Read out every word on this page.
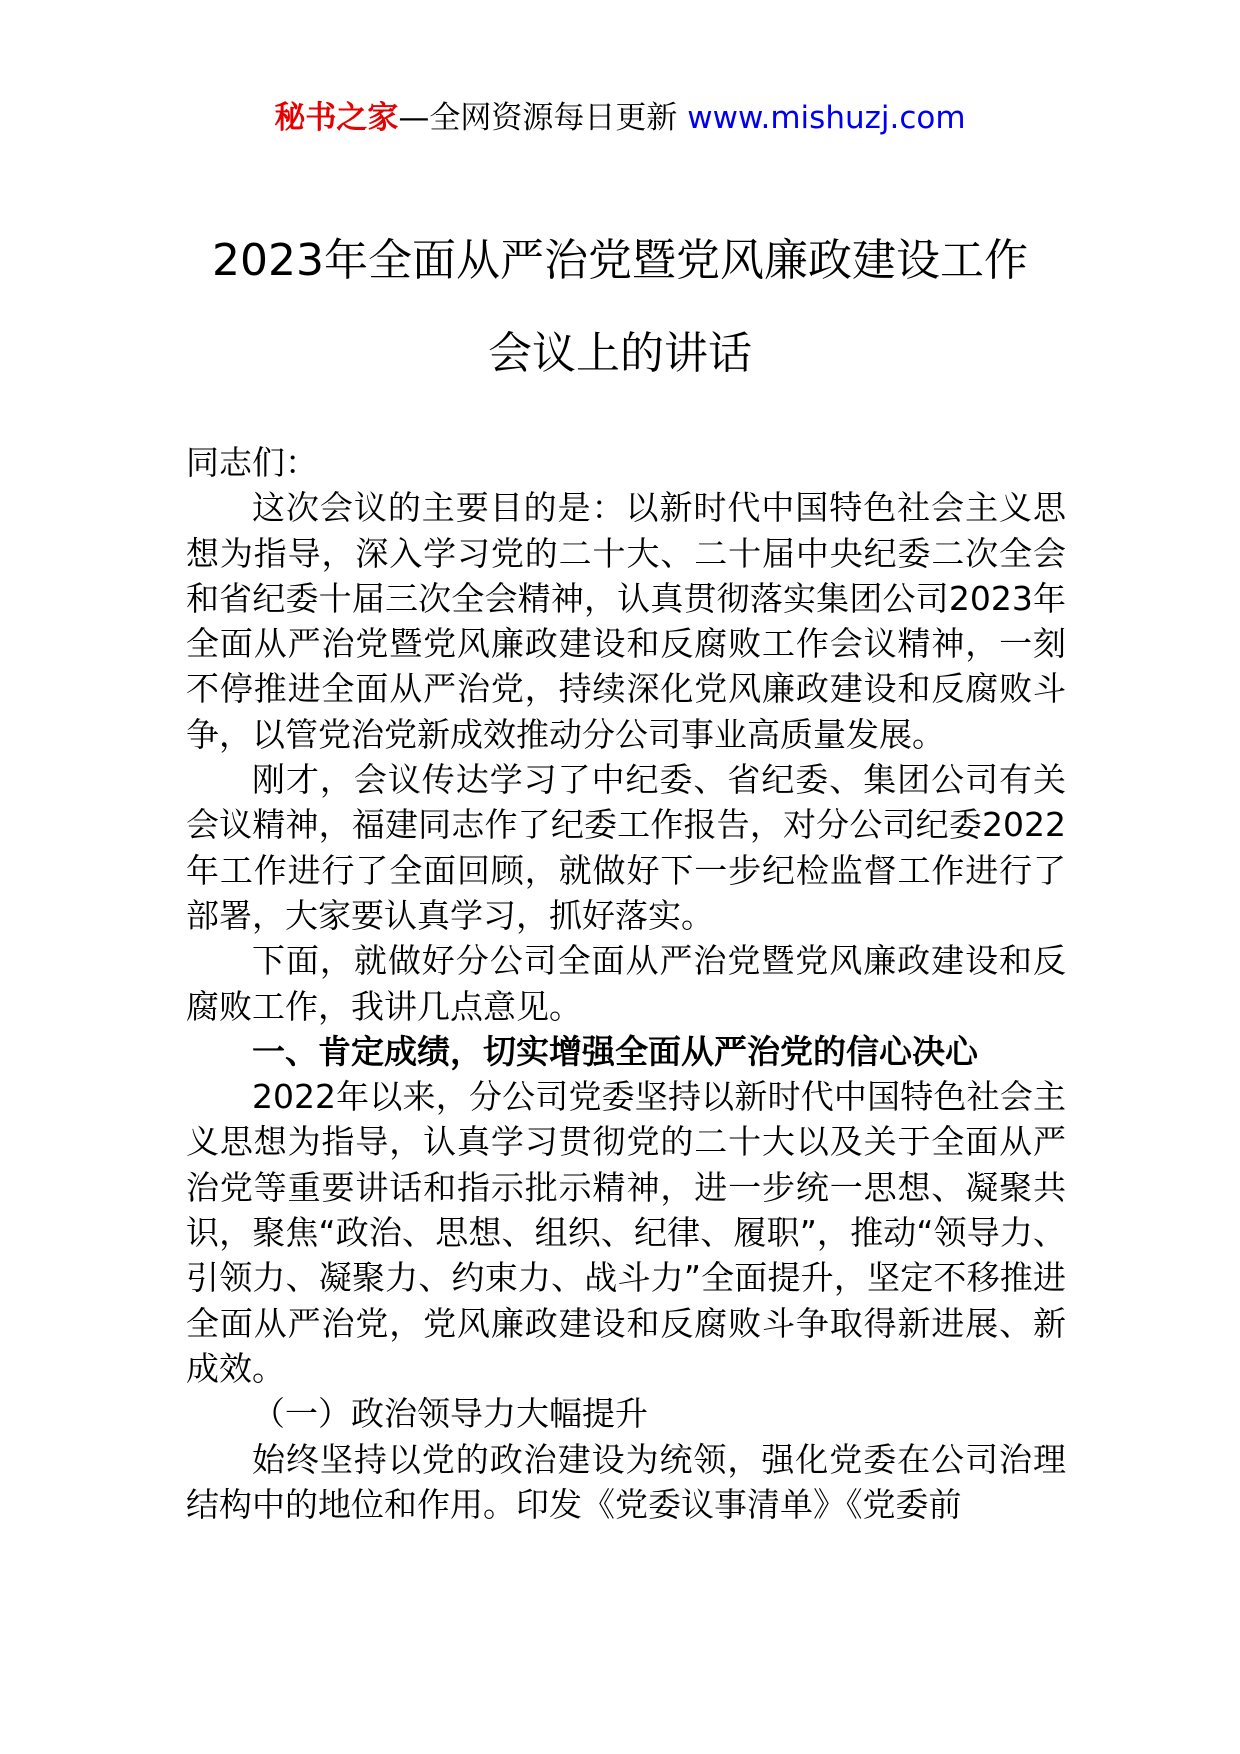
秘书之家—全网资源每日更新 www.mishuzj.com
2023年全面从严治党暨党风廉政建设工作
会议上的讲话

同志们：

这次会议的主要目的是：以新时代中国特色社会主义思想为指导，深入学习党的二十大、二十届中央纪委二次全会和省纪委十届三次全会精神，认真贯彻落实集团公司2023年全面从严治党暨党风廉政建设和反腐败工作会议精神，一刻不停推进全面从严治党，持续深化党风廉政建设和反腐败斗争，以管党治党新成效推动分公司事业高质量发展。

刚才，会议传达学习了中纪委、省纪委、集团公司有关会议精神，福建同志作了纪委工作报告，对分公司纪委2022年工作进行了全面回顾，就做好下一步纪检监督工作进行了部署，大家要认真学习，抓好落实。

下面，就做好分公司全面从严治党暨党风廉政建设和反腐败工作，我讲几点意见。

一、肯定成绩，切实增强全面从严治党的信心决心

2022年以来，分公司党委坚持以新时代中国特色社会主义思想为指导，认真学习贯彻党的二十大以及关于全面从严治党等重要讲话和指示批示精神，进一步统一思想、凝聚共识，聚焦“政治、思想、组织、纪律、履职”，推动“领导力、引领力、凝聚力、约束力、战斗力”全面提升，坚定不移推进全面从严治党，党风廉政建设和反腐败斗争取得新进展、新成效。

（一）政治领导力大幅提升

始终坚持以党的政治建设为统领，强化党委在公司治理结构中的地位和作用。印发《党委议事清单》《党委前
